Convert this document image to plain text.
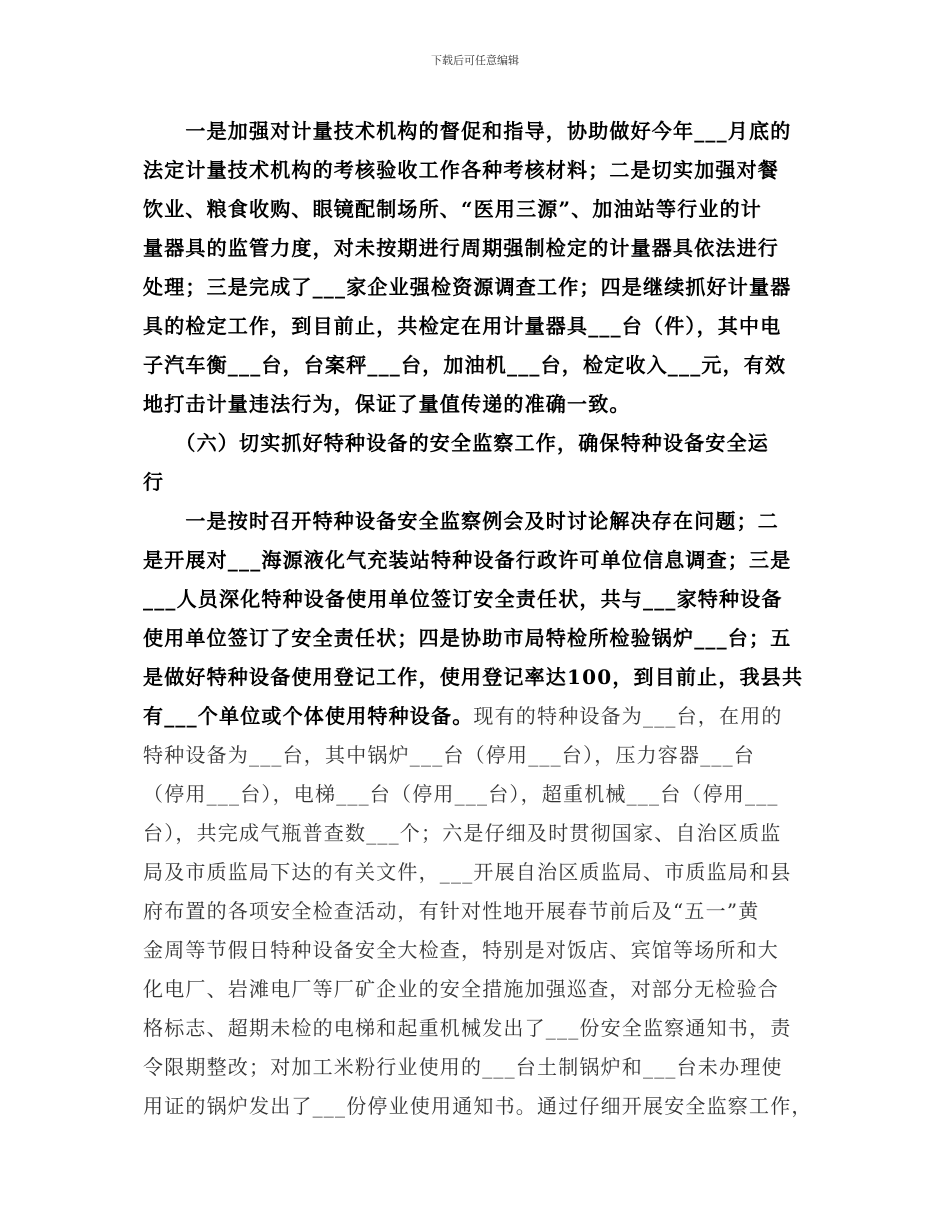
下载后可任意编辑
　　一是加强对计量技术机构的督促和指导，协助做好今年___月底的
法定计量技术机构的考核验收工作各种考核材料；二是切实加强对餐
饮业、粮食收购、眼镜配制场所、“医用三源”、加油站等行业的计
量器具的监管力度，对未按期进行周期强制检定的计量器具依法进行
处理；三是完成了___家企业强检资源调查工作；四是继续抓好计量器
具的检定工作，到目前止，共检定在用计量器具___台（件），其中电
子汽车衡___台，台案秤___台，加油机___台，检定收入___元，有效
地打击计量违法行为，保证了量值传递的准确一致。
　　（六）切实抓好特种设备的安全监察工作，确保特种设备安全运
行
　　一是按时召开特种设备安全监察例会及时讨论解决存在问题；二
是开展对___海源液化气充装站特种设备行政许可单位信息调查；三是
___人员深化特种设备使用单位签订安全责任状，共与___家特种设备
使用单位签订了安全责任状；四是协助市局特检所检验锅炉___台；五
是做好特种设备使用登记工作，使用登记率达100，到目前止，我县共
有___个单位或个体使用特种设备。现有的特种设备为___台，在用的
特种设备为___台，其中锅炉___台（停用___台），压力容器___台
（停用___台），电梯___台（停用___台），超重机械___台（停用___
台），共完成气瓶普查数___个；六是仔细及时贯彻国家、自治区质监
局及市质监局下达的有关文件，___开展自治区质监局、市质监局和县
府布置的各项安全检查活动，有针对性地开展春节前后及“五一”黄
金周等节假日特种设备安全大检查，特别是对饭店、宾馆等场所和大
化电厂、岩滩电厂等厂矿企业的安全措施加强巡查，对部分无检验合
格标志、超期未检的电梯和起重机械发出了___份安全监察通知书，责
令限期整改；对加工米粉行业使用的___台土制锅炉和___台未办理使
用证的锅炉发出了___份停业使用通知书。通过仔细开展安全监察工作，
